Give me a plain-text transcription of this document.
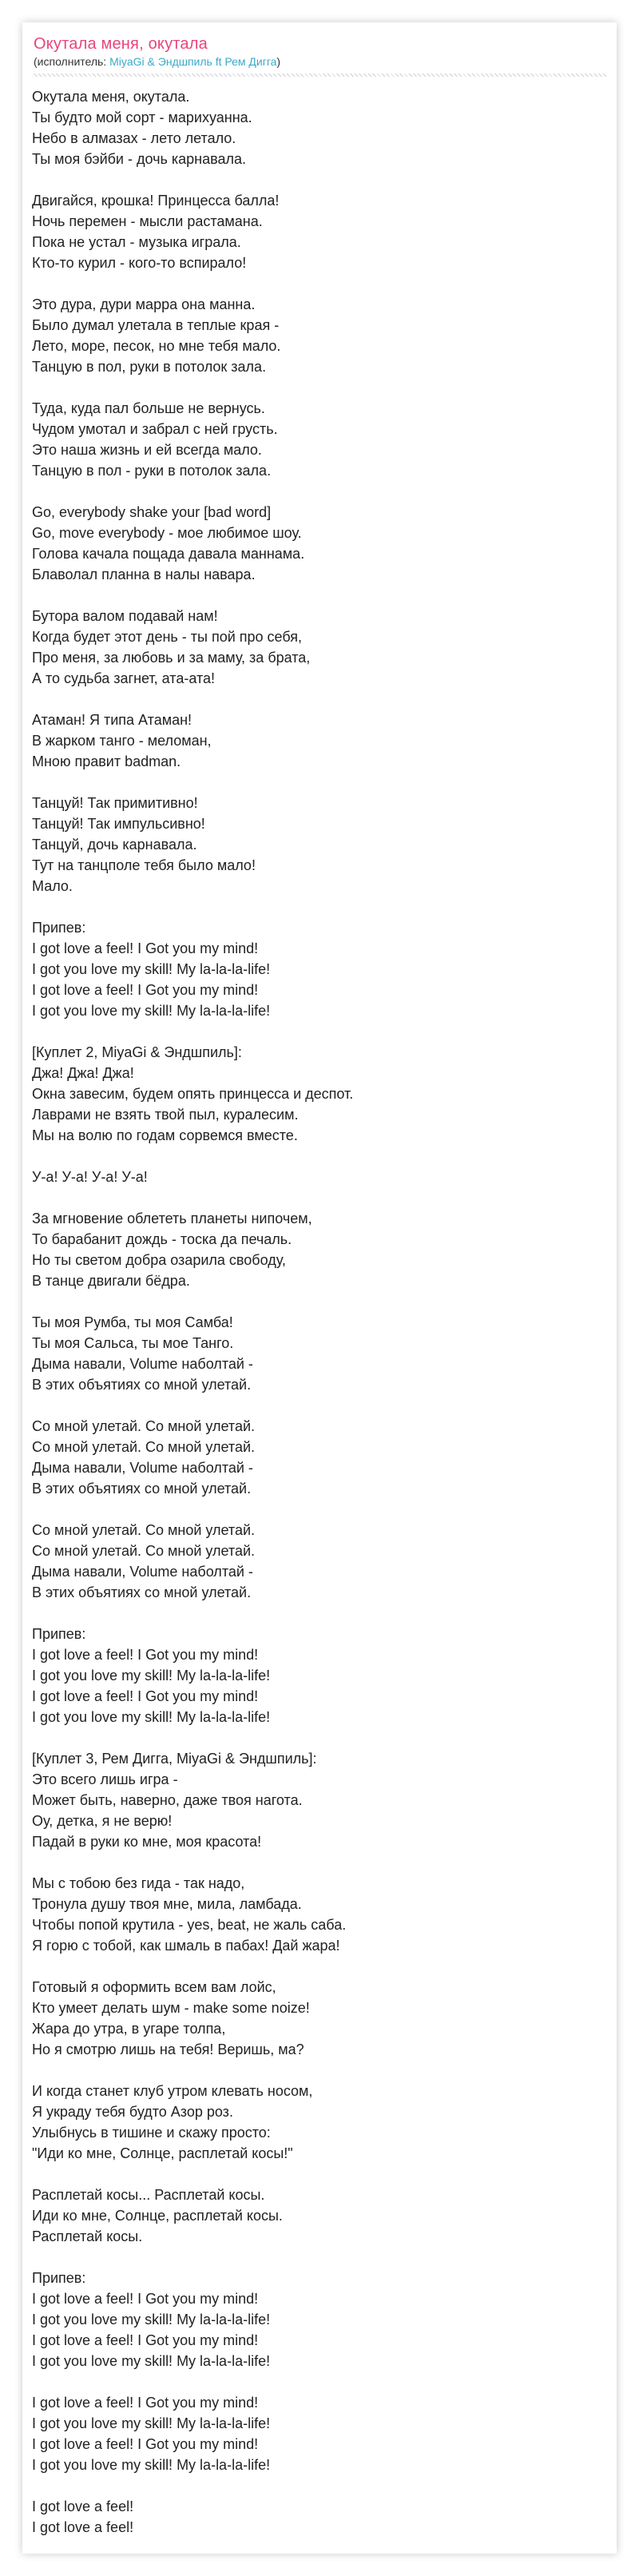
Окутала меня, окутала
(исполнитель: MiyaGi & Эндшпиль ft Рем Дигга)
Окутала меня, окутала.
Ты будто мой сорт - марихуанна.
Небо в алмазах - лето летало.
Ты моя бэйби - дочь карнавала.
Двигайся, крошка! Принцесса балла!
Ночь перемен - мысли растамана.
Пока не устал - музыка играла.
Кто-то курил - кого-то вспирало!
Это дура, дури марра она манна.
Было думал улетала в теплые края -
Лето, море, песок, но мне тебя мало.
Танцую в пол, руки в потолок зала.
Туда, куда пал больше не вернусь.
Чудом умотал и забрал с ней грусть.
Это наша жизнь и ей всегда мало.
Танцую в пол - руки в потолок зала.
Go, everybody shake your [bad word]
Go, move everybody - мое любимое шоу.
Голова качала пощада давала маннама.
Блаволал планна в налы навара.
Бутора валом подавай нам!
Когда будет этот день - ты пой про себя,
Про меня, за любовь и за маму, за брата,
А то судьба загнет, ата-ата!
Атаман! Я типа Атаман!
В жарком танго - меломан,
Мною правит badman.
Танцуй! Так примитивно!
Танцуй! Так импульсивно!
Танцуй, дочь карнавала.
Тут на танцполе тебя было мало!
Мало.
Припев:
I got love a feel! I Got you my mind!
I got you love my skill! My la-la-la-life!
I got love a feel! I Got you my mind!
I got you love my skill! My la-la-la-life!
[Куплет 2, MiyaGi & Эндшпиль]:
Джа! Джа! Джа!
Окна завесим, будем опять принцесса и деспот.
Лаврами не взять твой пыл, куралесим.
Мы на волю по годам сорвемся вместе.
У-а! У-а! У-а! У-а!
За мгновение облететь планеты нипочем,
То барабанит дождь - тоска да печаль.
Но ты светом добра озарила свободу,
В танце двигали бёдра.
Ты моя Румба, ты моя Самба!
Ты моя Сальса, ты мое Танго.
Дыма навали, Volume наболтай -
В этих объятиях со мной улетай.
Со мной улетай. Со мной улетай.
Со мной улетай. Со мной улетай.
Дыма навали, Volume наболтай -
В этих объятиях со мной улетай.
Со мной улетай. Со мной улетай.
Со мной улетай. Со мной улетай.
Дыма навали, Volume наболтай -
В этих объятиях со мной улетай.
Припев:
I got love a feel! I Got you my mind!
I got you love my skill! My la-la-la-life!
I got love a feel! I Got you my mind!
I got you love my skill! My la-la-la-life!
[Куплет 3, Рем Дигга, MiyaGi & Эндшпиль]:
Это всего лишь игра -
Может быть, наверно, даже твоя нагота.
Оу, детка, я не верю!
Падай в руки ко мне, моя красота!
Мы с тобою без гида - так надо,
Тронула душу твоя мне, мила, ламбада.
Чтобы попой крутила - yes, beat, не жаль саба.
Я горю с тобой, как шмаль в пабах! Дай жара!
Готовый я оформить всем вам лойс,
Кто умеет делать шум - make some noize!
Жара до утра, в угаре толпа,
Но я смотрю лишь на тебя! Веришь, ма?
И когда станет клуб утром клевать носом,
Я украду тебя будто Азор роз.
Улыбнусь в тишине и скажу просто:
"Иди ко мне, Солнце, расплетай косы!"
Расплетай косы... Расплетай косы.
Иди ко мне, Солнце, расплетай косы.
Расплетай косы.
Припев:
I got love a feel! I Got you my mind!
I got you love my skill! My la-la-la-life!
I got love a feel! I Got you my mind!
I got you love my skill! My la-la-la-life!
I got love a feel! I Got you my mind!
I got you love my skill! My la-la-la-life!
I got love a feel! I Got you my mind!
I got you love my skill! My la-la-la-life!
I got love a feel!
I got love a feel!
